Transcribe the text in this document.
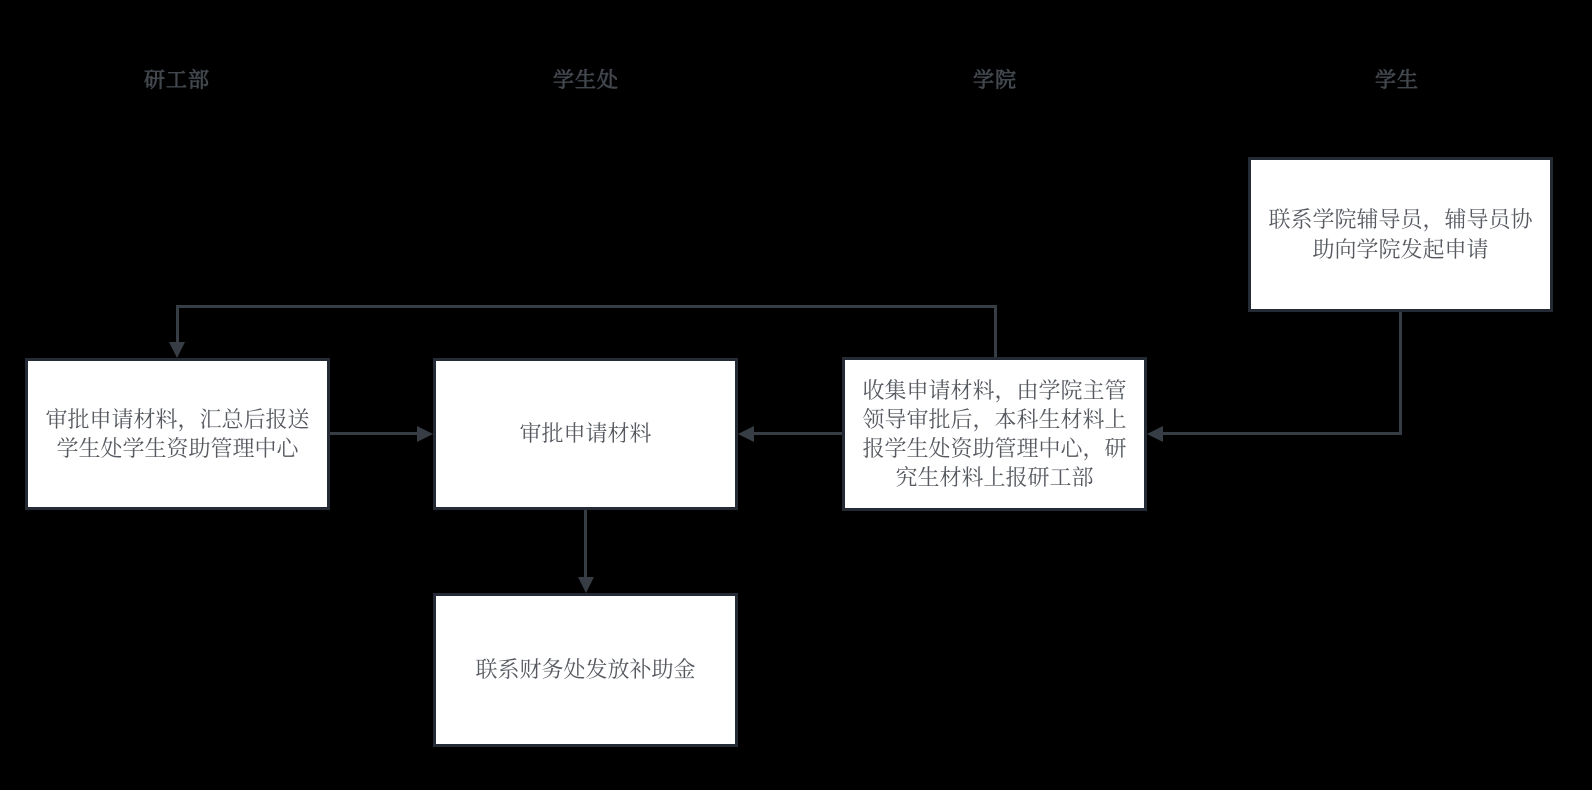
研工部	学生处	学院	学生
联系学院辅导员，辅导员协助向学院发起申请
收集申请材料，由学院主管领导审批后，本科生材料上报学生处资助管理中心，研究生材料上报研工部
审批申请材料，汇总后报送学生处学生资助管理中心
审批申请材料
联系财务处发放补助金
